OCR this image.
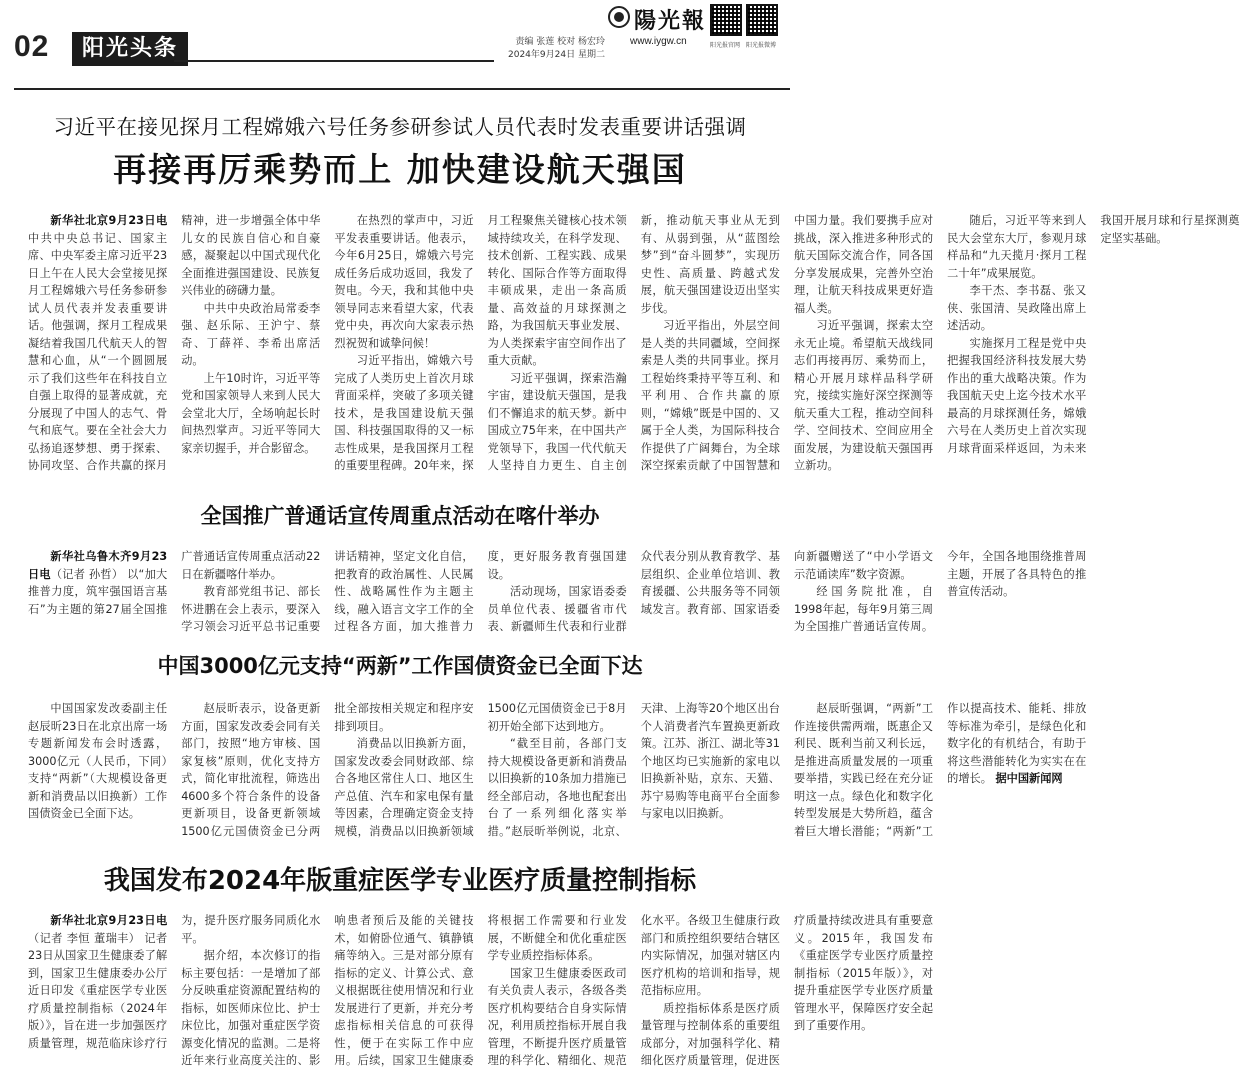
02	阳光头条	责编 张莲 校对 杨宏玲
2024年9月24日 星期二
陽光報
www.iygw.cn	阳光报官网 阳光报微博
习近平在接见探月工程嫦娥六号任务参研参试人员代表时发表重要讲话强调
再接再厉乘势而上 加快建设航天强国

新华社北京9月23日电 中共中央总书记、国家主席、中央军委主席习近平23日上午在人民大会堂接见探月工程嫦娥六号任务参研参试人员代表并发表重要讲话。他强调，探月工程成果凝结着我国几代航天人的智慧和心血，从“一个圆圆展示了我们这些年在科技自立自强上取得的显著成就，充分展现了中国人的志气、骨气和底气。要在全社会大力弘扬追逐梦想、勇于探索、协同攻坚、合作共赢的探月精神，进一步增强全体中华儿女的民族自信心和自豪感，凝聚起以中国式现代化全面推进强国建设、民族复兴伟业的磅礴力量。

中共中央政治局常委李强、赵乐际、王沪宁、蔡奇、丁薛祥、李希出席活动。

上午10时许，习近平等党和国家领导人来到人民大会堂北大厅，全场响起长时间热烈掌声。习近平等同大家亲切握手，并合影留念。

在热烈的掌声中，习近平发表重要讲话。他表示，今年6月25日，嫦娥六号完成任务后成功返回，我发了贺电。今天，我和其他中央领导同志来看望大家，代表党中央，再次向大家表示热烈祝贺和诚挚问候！

习近平指出，嫦娥六号完成了人类历史上首次月球背面采样，突破了多项关键技术，是我国建设航天强国、科技强国取得的又一标志性成果，是我国探月工程的重要里程碑。20年来，探月工程聚焦关键核心技术领域持续攻关，在科学发现、技术创新、工程实践、成果转化、国际合作等方面取得丰硕成果，走出一条高质量、高效益的月球探测之路，为我国航天事业发展、为人类探索宇宙空间作出了重大贡献。

习近平强调，探索浩瀚宇宙，建设航天强国，是我们不懈追求的航天梦。新中国成立75年来，在中国共产党领导下，我国一代代航天人坚持自力更生、自主创新，推动航天事业从无到有、从弱到强，从“蓝图绘梦”到“奋斗圆梦”，实现历史性、高质量、跨越式发展，航天强国建设迈出坚实步伐。

习近平指出，外层空间是人类的共同疆域，空间探索是人类的共同事业。探月工程始终秉持平等互利、和平利用、合作共赢的原则，“嫦娥”既是中国的、又属于全人类，为国际科技合作提供了广阔舞台，为全球深空探索贡献了中国智慧和中国力量。我们要携手应对挑战，深入推进多种形式的航天国际交流合作，同各国分享发展成果，完善外空治理，让航天科技成果更好造福人类。

习近平强调，探索太空永无止境。希望航天战线同志们再接再厉、乘势而上，精心开展月球样品科学研究，接续实施好深空探测等航天重大工程，推动空间科学、空间技术、空间应用全面发展，为建设航天强国再立新功。

随后，习近平等来到人民大会堂东大厅，参观月球样品和“九天揽月·探月工程二十年”成果展览。

李干杰、李书磊、张又侠、张国清、吴政隆出席上述活动。

实施探月工程是党中央把握我国经济科技发展大势作出的重大战略决策。作为我国航天史上迄今技术水平最高的月球探测任务，嫦娥六号在人类历史上首次实现月球背面采样返回，为未来我国开展月球和行星探测奠定坚实基础。

全国推广普通话宣传周重点活动在喀什举办

新华社乌鲁木齐9月23日电（记者 孙哲） 以“加大推普力度，筑牢强国语言基石”为主题的第27届全国推广普通话宣传周重点活动22日在新疆喀什举办。

教育部党组书记、部长怀进鹏在会上表示，要深入学习领会习近平总书记重要讲话精神，坚定文化自信，把教育的政治属性、人民属性、战略属性作为主题主线，融入语言文字工作的全过程各方面，加大推普力度，更好服务教育强国建设。

活动现场，国家语委委员单位代表、援疆省市代表、新疆师生代表和行业群众代表分别从教育教学、基层组织、企业单位培训、教育援疆、公共服务等不同领域发言。教育部、国家语委向新疆赠送了“中小学语文示范诵读库”数字资源。

经国务院批准，自1998年起，每年9月第三周为全国推广普通话宣传周。今年，全国各地围绕推普周主题，开展了各具特色的推普宣传活动。

中国3000亿元支持“两新”工作国债资金已全面下达

中国国家发改委副主任赵辰昕23日在北京出席一场专题新闻发布会时透露，3000亿元（人民币，下同）支持“两新”（大规模设备更新和消费品以旧换新）工作国债资金已全面下达。

赵辰昕表示，设备更新方面，国家发改委会同有关部门，按照“地方审核、国家复核”原则，优化支持方式，简化审批流程，筛选出4600多个符合条件的设备更新项目，设备更新领域1500亿元国债资金已分两批全部按相关规定和程序安排到项目。

消费品以旧换新方面，国家发改委会同财政部、综合各地区常住人口、地区生产总值、汽车和家电保有量等因素，合理确定资金支持规模，消费品以旧换新领域1500亿元国债资金已于8月初开始全部下达到地方。

“截至目前，各部门支持大规模设备更新和消费品以旧换新的10条加力措施已经全部启动，各地也配套出台了一系列细化落实举措。”赵辰昕举例说，北京、天津、上海等20个地区出台个人消费者汽车置换更新政策。江苏、浙江、湖北等31个地区均已实施新的家电以旧换新补贴，京东、天猫、苏宁易购等电商平台全面参与家电以旧换新。

赵辰昕强调，“两新”工作连接供需两端，既惠企又利民、既利当前又利长远，是推进高质量发展的一项重要举措，实践已经在充分证明这一点。绿色化和数字化转型发展是大势所趋，蕴含着巨大增长潜能；“两新”工作以提高技术、能耗、排放等标准为牵引，是绿色化和数字化的有机结合，有助于将这些潜能转化为实实在在的增长。 据中国新闻网

我国发布2024年版重症医学专业医疗质量控制指标

新华社北京9月23日电（记者 李恒 董瑞丰） 记者23日从国家卫生健康委了解到，国家卫生健康委办公厅近日印发《重症医学专业医疗质量控制指标（2024年版）》，旨在进一步加强医疗质量管理，规范临床诊疗行为，提升医疗服务同质化水平。

据介绍，本次修订的指标主要包括：一是增加了部分反映重症资源配置结构的指标，如医师床位比、护士床位比，加强对重症医学资源变化情况的监测。二是将近年来行业高度关注的、影响患者预后及能的关键技术，如俯卧位通气、镇静镇痛等纳入。三是对部分原有指标的定义、计算公式、意义根据既往使用情况和行业发展进行了更新，并充分考虑指标相关信息的可获得性，便于在实际工作中应用。后续，国家卫生健康委将根据工作需要和行业发展，不断健全和优化重症医学专业质控指标体系。

国家卫生健康委医政司有关负责人表示，各级各类医疗机构要结合自身实际情况，利用质控指标开展自我管理，不断提升医疗质量管理的科学化、精细化、规范化水平。各级卫生健康行政部门和质控组织要结合辖区内实际情况，加强对辖区内医疗机构的培训和指导，规范指标应用。

质控指标体系是医疗质量管理与控制体系的重要组成部分，对加强科学化、精细化医疗质量管理，促进医疗质量持续改进具有重要意义。2015年，我国发布《重症医学专业医疗质量控制指标（2015年版）》，对提升重症医学专业医疗质量管理水平，保障医疗安全起到了重要作用。
